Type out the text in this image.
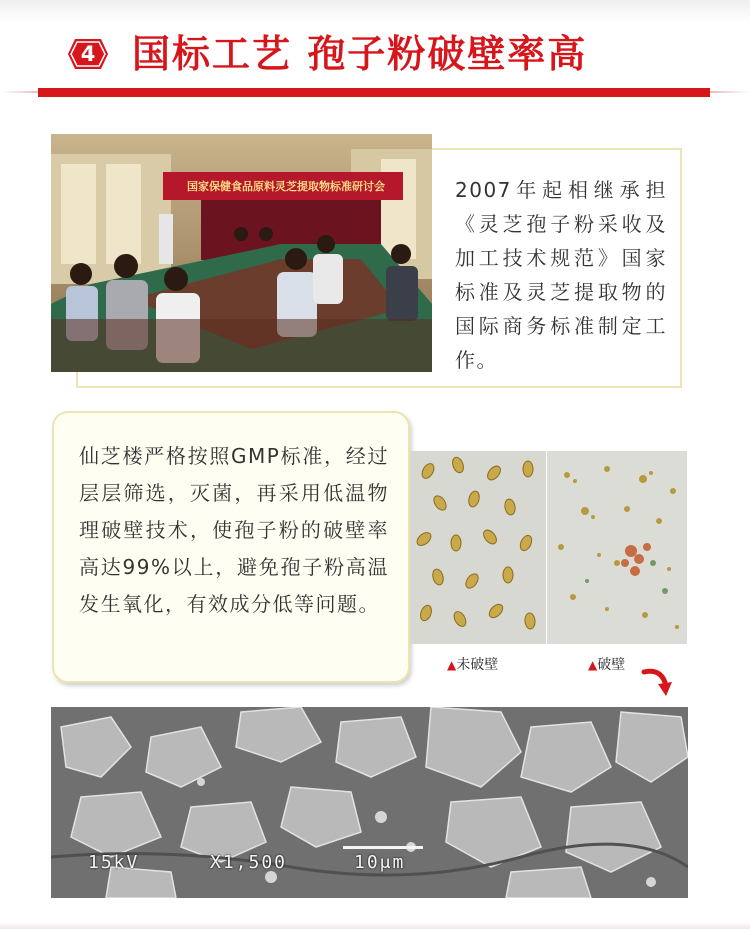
4 国标工艺 孢子粉破壁率高
国家保健食品原料灵芝提取物标准研讨会	2007年起相继承担《灵芝孢子粉采收及加工技术规范》国家标准及灵芝提取物的国际商务标准制定工作。

仙芝楼严格按照GMP标准，经过层层筛选，灭菌，再采用低温物理破壁技术，使孢子粉的破壁率高达99%以上，避免孢子粉高温发生氧化，有效成分低等问题。

▲未破壁	▲破壁
15kV	X1,500	10μm
